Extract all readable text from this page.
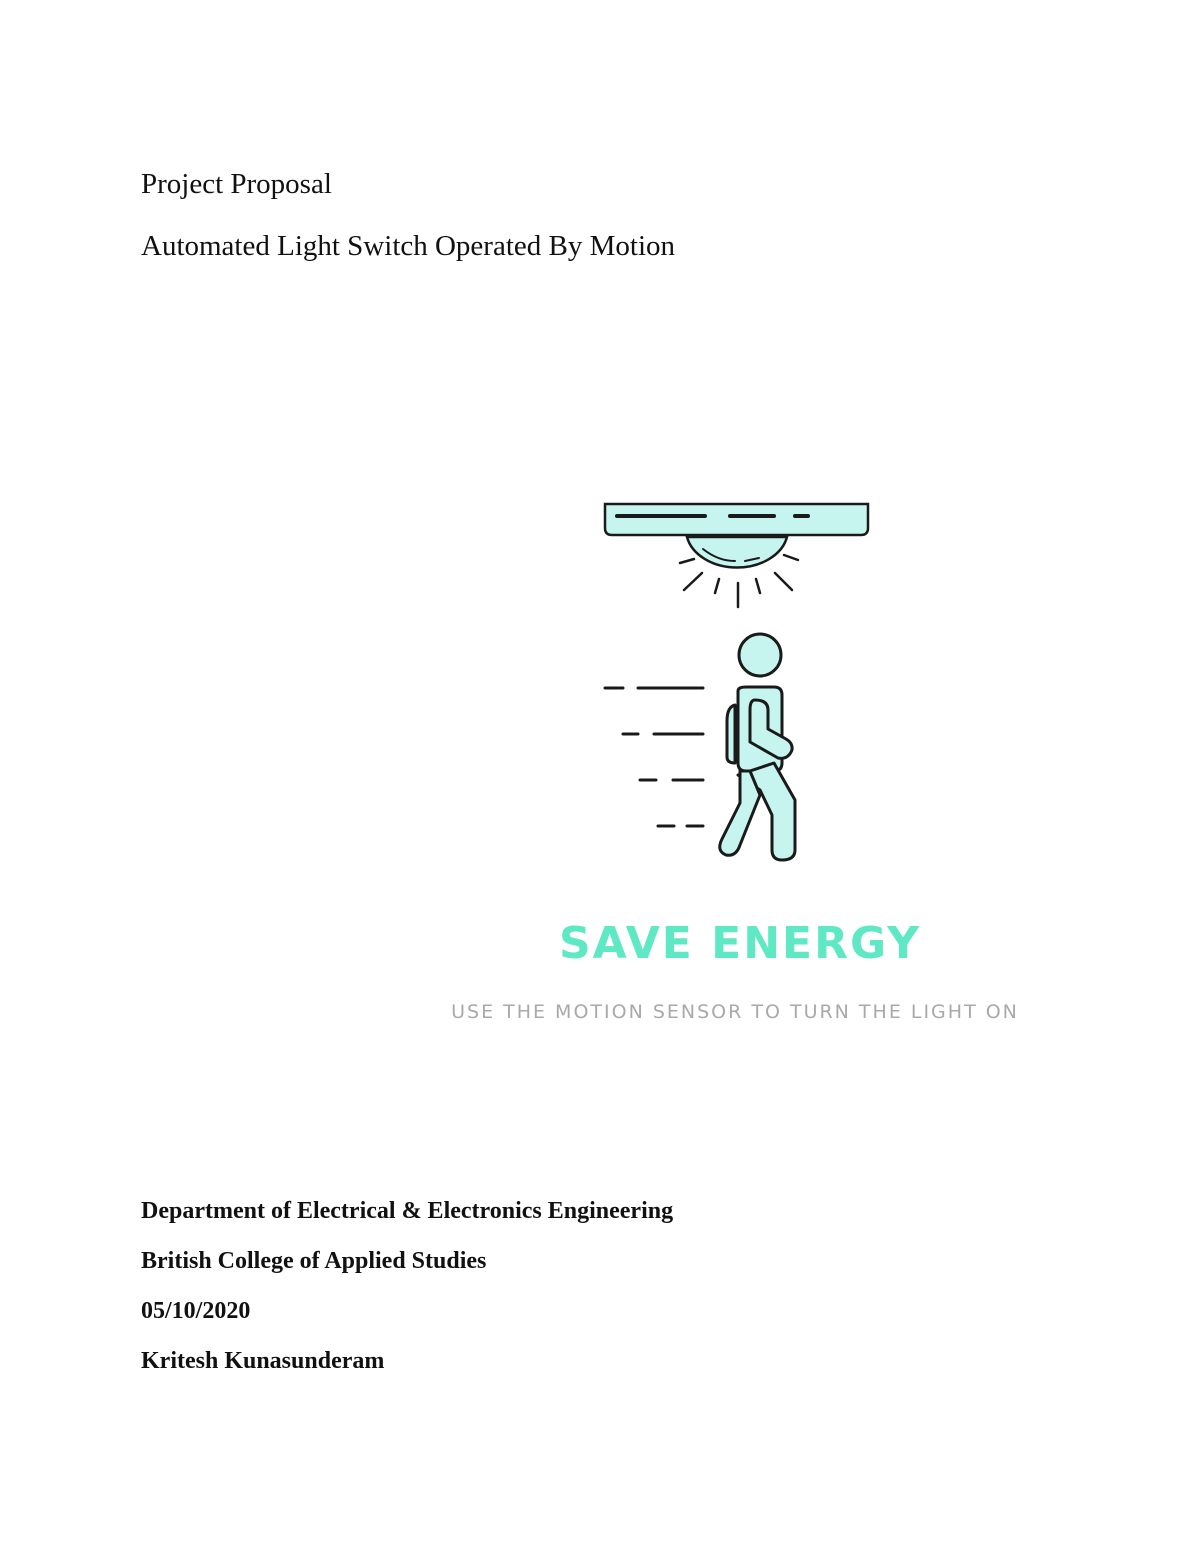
Project Proposal
Automated Light Switch Operated By Motion
SAVE ENERGY
USE THE MOTION SENSOR TO TURN THE LIGHT ON
Department of Electrical & Electronics Engineering
British College of Applied Studies
05/10/2020
Kritesh Kunasunderam
